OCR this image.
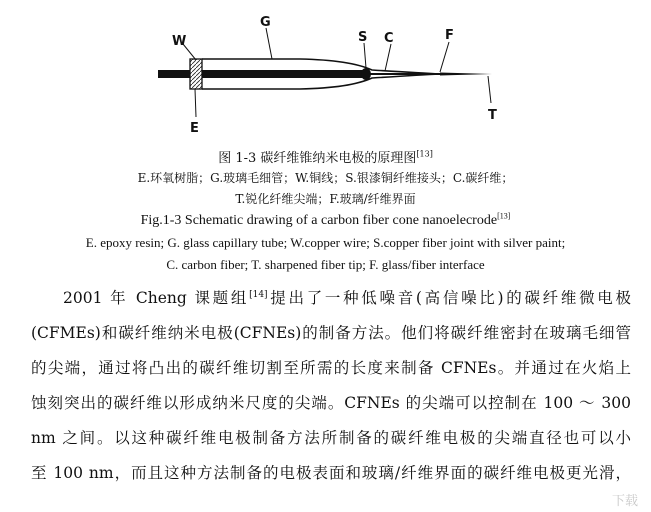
W
G
S C	F
E
T
图 1-3 碳纤维锥纳米电极的原理图[13]
E.环氧树脂；G.玻璃毛细管；W.铜线；S.银漆铜纤维接头；C.碳纤维；
T.锐化纤维尖端；F.玻璃/纤维界面
Fig.1-3 Schematic drawing of a carbon fiber cone nanoelecrode[13]
E. epoxy resin; G. glass capillary tube; W.copper wire; S.copper fiber joint with silver paint;
C. carbon fiber; T. sharpened fiber tip; F. glass/fiber interface
2001 年 Cheng 课题组[14]提出了一种低噪音(高信噪比)的碳纤维微电极
(CFMEs)和碳纤维纳米电极(CFNEs)的制备方法。他们将碳纤维密封在玻璃毛细管
的尖端，通过将凸出的碳纤维切割至所需的长度来制备 CFNEs。并通过在火焰上
蚀刻突出的碳纤维以形成纳米尺度的尖端。CFNEs 的尖端可以控制在 100 ～ 300
nm 之间。以这种碳纤维电极制备方法所制备的碳纤维电极的尖端直径也可以小
至 100 nm，而且这种方法制备的电极表面和玻璃/纤维界面的碳纤维电极更光滑，
下载
